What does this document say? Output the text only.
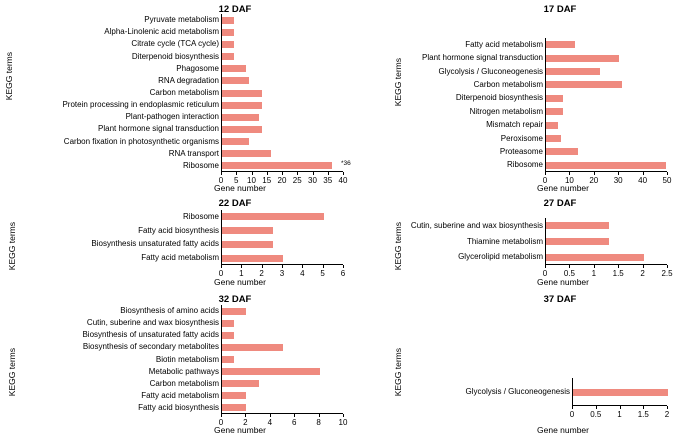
12 DAF
KEGG terms
Gene number
Pyruvate metabolism
Alpha-Linolenic acid metabolism
Citrate cycle (TCA cycle)
Diterpenoid biosynthesis
Phagosome
RNA degradation
Carbon metabolism
Protein processing in endoplasmic reticulum
Plant-pathogen interaction
Plant hormone signal transduction
Carbon fixation in photosynthetic organisms
RNA transport
Ribosome
0	5	10 15 20 25 30 35 40
*36
17 DAF
KEGG terms
Gene number
Fatty acid metabolism
Plant hormone signal transduction
Glycolysis / Gluconeogenesis
Carbon metabolism
Diterpenoid biosynthesis
Nitrogen metabolism
Mismatch repair
Peroxisome
Proteasome
Ribosome
0	10	20	30	40	50
22 DAF
KEGG terms
Gene number
Ribosome
Fatty acid biosynthesis
Biosynthesis unsaturated fatty acids
Fatty acid metabolism
0	1	2	3	4	5	6
27 DAF
KEGG terms
Gene number
Cutin, suberine and wax biosynthesis
Thiamine metabolism
Glycerolipid metabolism
0	0.5	1	1.5	2	2.5
32 DAF
KEGG terms
Gene number
Biosynthesis of amino acids
Cutin, suberine and wax biosynthesis
Biosynthesis of unsaturated fatty acids
Biosynthesis of secondary metabolites
Biotin metabolism
Metabolic pathways
Carbon metabolism
Fatty acid metabolism
Fatty acid biosynthesis
0	2	4	6	8	10
37 DAF
KEGG terms
Gene number
Glycolysis / Gluconeogenesis
0	0.5	1	1.5	2
